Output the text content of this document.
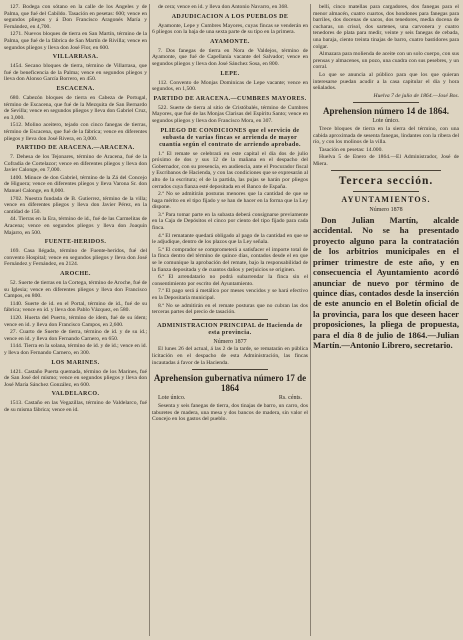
127. Bodega con sótano en la calle de los Angeles y de Palma, que fué del Cabildo. Tasación en pesetas: 600; vence en segundos pliegos y á Don Francisco Aragonés María y Fernández, en 4,700.

1271. Nuevos bloques de tierra en San Martín, término de la Palma, que fué de la fábrica de San Martín de Rivilla; vence en segundos pliegos y lleva don José Flor, en 600.

VILLARRASA.

1454. Secano bloques de tierra, término de Villarrasa, que fué de beneficencia de la Palma; vence en segundos pliegos y lleva don Alonso García Borrero, en 450.

ESCACENA.

680. Cabezón bloques de tierra en Cabeza de Portugal, término de Escacena, que fué de la Mezquita de San Bernardo de Sevilla; vence en segundos pliegos y lleva don Gabriel Cruz, en 3,000.

1512. Molino aceitero, tejado con cinco fanegas de tierras, término de Escacena, que fué de la fábrica; vence en diferentes pliegos y lleva don José Rivera, en 3,000.

PARTIDO DE ARACENA.—ARACENA.

7. Dehesa de los Tejonares, término de Aracena, fué de la Cofradía de Cortelazor; vence en diferentes pliegos y lleva don Javier Calonge, en 7,000.

1400. Minuce de don Gabriel, término de la Zá del Concejo de Higuera; vence en diferentes pliegos y lleva Varona Sr. don Manuel Calonge, en 8,000.

1702. Nuestra fundada de B. Gutierrez, término de la villa; vence en diferentes pliegos y lleva don Javier Pérez, en la cantidad de 150.

44. Tierras en la Era, término de id., fué de las Carmelitas de Aracena; vence en segundos pliegos y lleva don Joaquín Majarro, en 500.

FUENTE-HERIDOS.

169. Casa llégada, término de Fuente-heridos, fué del convento Hospital; vence en segundos pliegos y lleva don José Fernández y Fernández, en 2124.

AROCHE.

52. Suerte de tierras en la Cortega, término de Aroche, fué de su Iglesia; vence en diferentes pliegos y lleva don Francisco Campos, en 800.

1140. Suerte de id. en el Portal, término de id., fué de su fábrica; vence en id. y lleva don Pablo Vázquez, en 580.

1120. Huerta del Puerto, término de ídem, fué de su ídem; vence en id. y lleva don Francisco Campos, en 2,600.

27. Cuarto de Suerte de tierra, término de id. y de su id.; vence en id. y lleva don Fernando Carnero, en 650.

1144. Tierra en la solana, término de id. y de id.; vence en id. y lleva don Fernando Carnero, en 300.

LOS MARINES.

1421. Castaño Puerta quemada, término de los Marines, fué de San José del mismo; vence en segundos pliegos y lleva don José María Sánchez González, en 600.

VALDELARCO.

1513. Castaño en las Vegazillas, término de Valdelarco, fué de su misma fábrica; vence en id.

de cera; vence en id. y lleva don Antonio Navarro, en 368.

ADJUDICACION A LOS PUEBLOS DE

Ayamonte, Lepe y Cumbres Mayores, cuyas fincas se venderán en 6 pliegos con la baja de una sexta parte de su tipo en la primera.

AYAMONTE.

7. Dos fanegas de tierra en Nora de Valdejos, término de Ayamonte, que fué de Capellanía vacante del Salvador; vence en segundos pliegos y lleva don José Sánchez Sosa, en 800.

LEPE.

112. Convento de Monjas Dominicas de Lepe vacante; vence en segundos, en 1,500.

PARTIDO DE ARACENA.—CUMBRES MAYORES.

522. Suerte de tierra al sitio de Cristóbalés, término de Cumbres Mayores, que fué de las Monjas Clarisas del Espíritu Santo; vence en segundos pliegos y lleva don Francisco Mora, en 307.

PLIEGO DE CONDICIONES que el servicio de subasta de varias fincas se arrienda de mayor cuantía según el contrato de arriendo aprobado.

1.ª El remate se celebrará en este capital el día dos de julio próximo de dos y sus 12 de la mañana en el despacho del Gobernador, con su presencia, en audiencia, ante el Procurador fiscal y Escribanos de Hacienda, y con las condiciones que se expresarán al alto de la escritura; el de la partida, las pujas se harán por pliegos cerrados cuya fianza esté depositada en el Banco de España.

2.ª No se admitirán posturas menores que la cantidad de que se haga mérito en el tipo fijado y se han de hacer en la forma que la Ley dispone.

3.ª Para tomar parte en la subasta deberá consignarse previamente en la Caja de Depósitos el cinco por ciento del tipo fijado para cada finca.

4.ª El rematante quedará obligado al pago de la cantidad en que se le adjudique, dentro de los plazos que la Ley señala.

5.ª El comprador se comprometerá a satisfacer el importe total de la finca dentro del término de quince días, contados desde el en que se le comunique la aprobación del remate, bajo la responsabilidad de la fianza depositada y de cuantos daños y perjuicios se originen.

6.ª El arrendatario no podrá subarrendar la finca sin el consentimiento por escrito del Ayuntamiento.

7.ª El pago será á metálico por meses vencidos y se hará efectivo en la Depositaría municipal.

8.ª No se admitirán en el remate posturas que no cubran las dos terceras partes del precio de tasación.

ADMINISTRACION PRINCIPAL de Hacienda de esta provincia.

Número 1877

El lunes 26 del actual, á las 2 de la tarde, se rematarán en pública licitación en el despacho de esta Administración, las fincas incautadas á favor de la Hacienda.

Aprehension gubernativa número 17 de 1864
Lote único.	Rs. cénts.

Sesenta y seis fanegas de tierra, dos tinajas de barro, un carro, dos taburetes de madera, una mesa y dos bancos de madera, sin valor el Concejo en los gastos del pueblo.

bellí, cinco matellas para cargadores, dos fanegas para el menor almacén, cuatro cuartos, dos hondones para fanegas para barriles, dos docenas de sacos, dos tenedores, media docena de cucharas, un crisol, dos sartenes, una carvonera y cuatro tenedores de plata para medir, veinte y seis fanegas de cebada, una baraja, ciento treinta tinajas de barro, cuatro bastidores para colgar.

Almazara para molienda de aceite con un solo cuerpo, con sus prensas y almacenes, un pozo, una cuadra con sus pesebres, y un corral.

Lo que se anuncia al público para que los que quieran interesarse puedan acudir a la casa capitular el día y hora señalados.

Huelva 7 de julio de 1864.—José Bos.

Aprehension número 14 de 1864.

Lote único.

Trece bloques de tierra en la sierra del término, con una cabida aproximada de sesenta fanegas, lindantes con la ribera del río, y con los molinos de la villa.

Tasación en pesetas: 14.000.

Huelva 5 de Enero de 1864.—El Administrador, José de Miera.

Tercera sección.
AYUNTAMIENTOS.

Número 1878

Don Julian Martín, alcalde accidental. No se ha presentado proyecto alguno para la contratación de los arbitrios municipales en el primer trimestre de este año, y en consecuencia el Ayuntamiento acordó anunciar de nuevo por término de quince días, contados desde la inserción de este anuncio en el Boletín oficial de la provincia, para los que deseen hacer proposiciones, la pliega de propuesta, para el día 8 de julio de 1864.—Julian Martín.—Antonio Librero, secretario.
